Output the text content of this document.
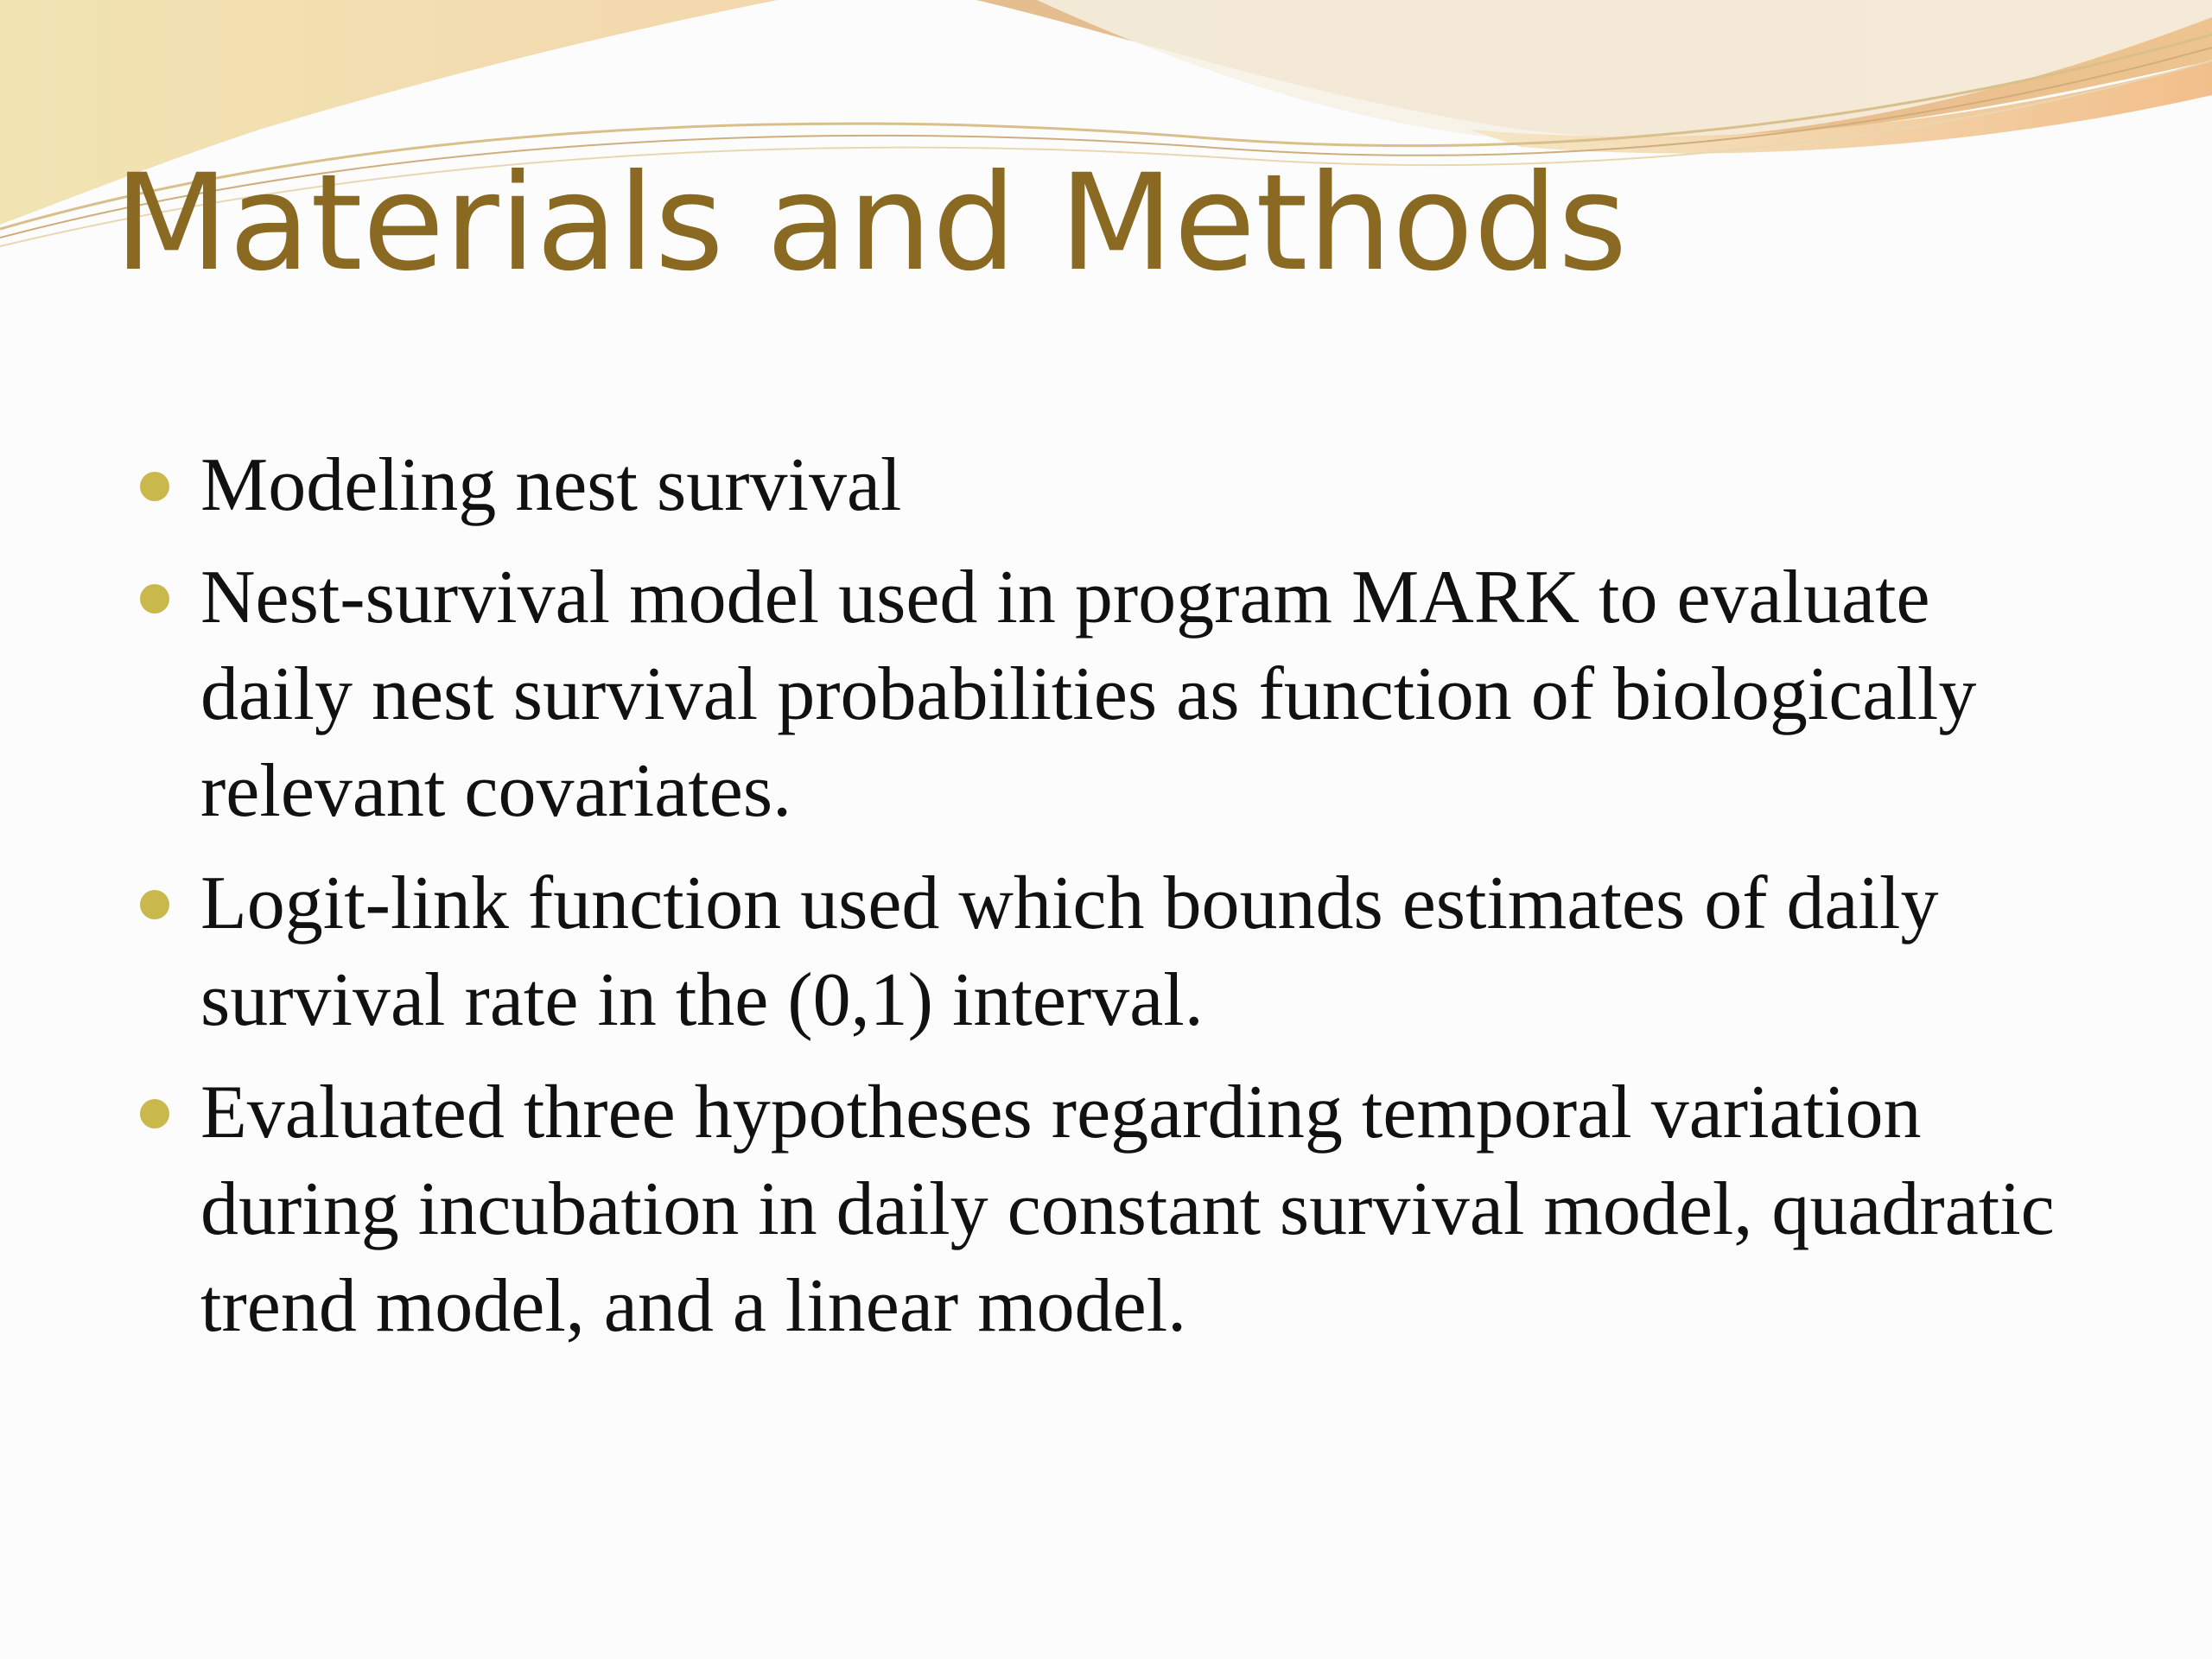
Materials and Methods
Modeling nest survival
Nest-survival model used in program MARK to evaluate daily nest survival probabilities as function of biologically relevant covariates.
Logit-link function used which bounds estimates of daily survival rate in the (0,1) interval.
Evaluated three hypotheses regarding temporal variation during incubation in daily constant survival model, quadratic trend model, and a linear model.
